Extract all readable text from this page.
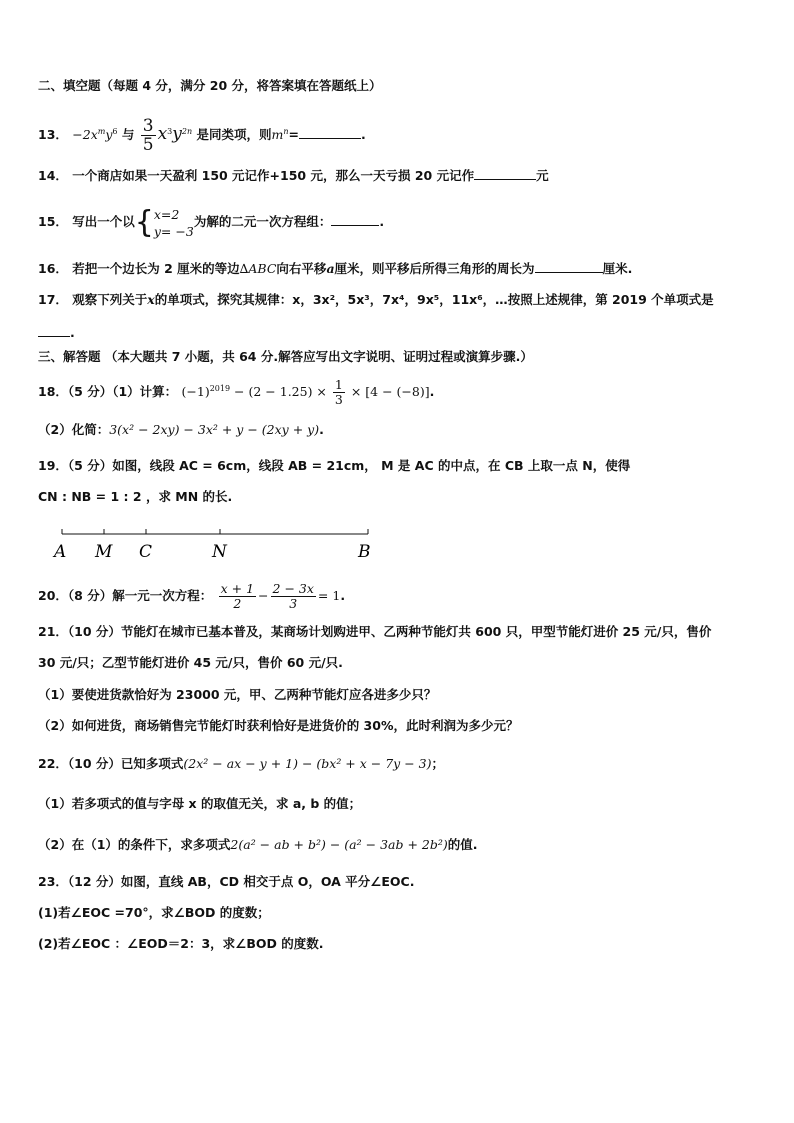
二、填空题（每题 4 分，满分 20 分，将答案填在答题纸上）
13． $-2x^my^6$ 与 $\frac{3}{5} x^3y^{2n}$ 是同类项，则$m^n=$	.
14． 一个商店如果一天盈利 150 元记作+150 元，那么一天亏损 20 元记作	元
15． 写出一个以{ x=2
y= −3
为解的二元一次方程组：	.
16． 若把一个边长为 2 厘米的等边∆ABC向右平移a厘米，则平移后所得三角形的周长为	厘米.
17． 观察下列关于x的单项式，探究其规律：x，3x²，5x³，7x⁴，9x⁵，11x⁶，…按照上述规律，第 2019 个单项式是
.
三、解答题 （本大题共 7 小题，共 64 分.解答应写出文字说明、证明过程或演算步骤.）
18．（5 分）（1）计算： $(-1)^{2019} - (2 - 1.25) \times \frac{1}{3} \times [4 - (-8)]$.
（2）化简：3(x² − 2xy) − 3x² + y − (2xy + y).
19．（5 分）如图，线段 AC = 6cm，线段 AB = 21cm， M 是 AC 的中点，在 CB 上取一点 N，使得
CN : NB = 1 : 2 ，求 MN 的长.
A M C	N	B
20．（8 分）解一元一次方程： $\frac{x + 1}{2} - \frac{2 - 3x}{3} = 1$.
21．（10 分）节能灯在城市已基本普及，某商场计划购进甲、乙两种节能灯共 600 只，甲型节能灯进价 25 元/只，售价
30 元/只；乙型节能灯进价 45 元/只，售价 60 元/只.
（1）要使进货款恰好为 23000 元，甲、乙两种节能灯应各进多少只？
（2）如何进货，商场销售完节能灯时获利恰好是进货价的 30%，此时利润为多少元？
22．（10 分）已知多项式(2x² − ax − y + 1) − (bx² + x − 7y − 3)；
（1）若多项式的值与字母 x 的取值无关，求 a, b 的值；
（2）在（1）的条件下，求多项式2(a² − ab + b²) − (a² − 3ab + 2b²)的值.
23．（12 分）如图，直线 AB，CD 相交于点 O，OA 平分∠EOC.
(1)若∠EOC =70°，求∠BOD 的度数；
(2)若∠EOC ：∠EOD＝2：3，求∠BOD 的度数.
